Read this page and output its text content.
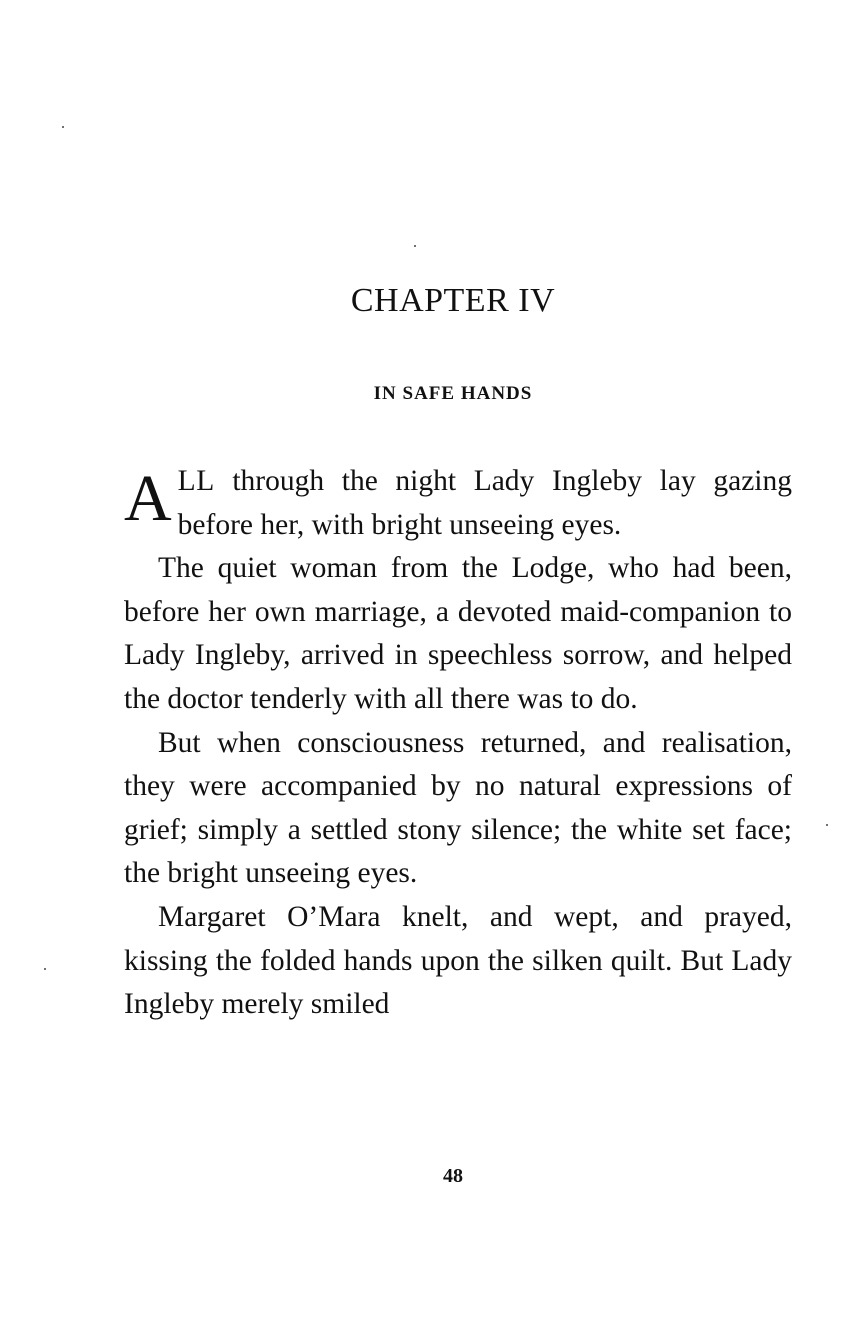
CHAPTER IV
IN SAFE HANDS

ALL through the night Lady Ingleby lay gazing before her, with bright unseeing eyes.

The quiet woman from the Lodge, who had been, before her own marriage, a devoted maid-companion to Lady Ingleby, arrived in speechless sorrow, and helped the doctor tenderly with all there was to do.

But when consciousness returned, and realisation, they were accompanied by no natural expressions of grief; simply a settled stony silence; the white set face; the bright unseeing eyes.

Margaret O’Mara knelt, and wept, and prayed, kissing the folded hands upon the silken quilt. But Lady Ingleby merely smiled

48
